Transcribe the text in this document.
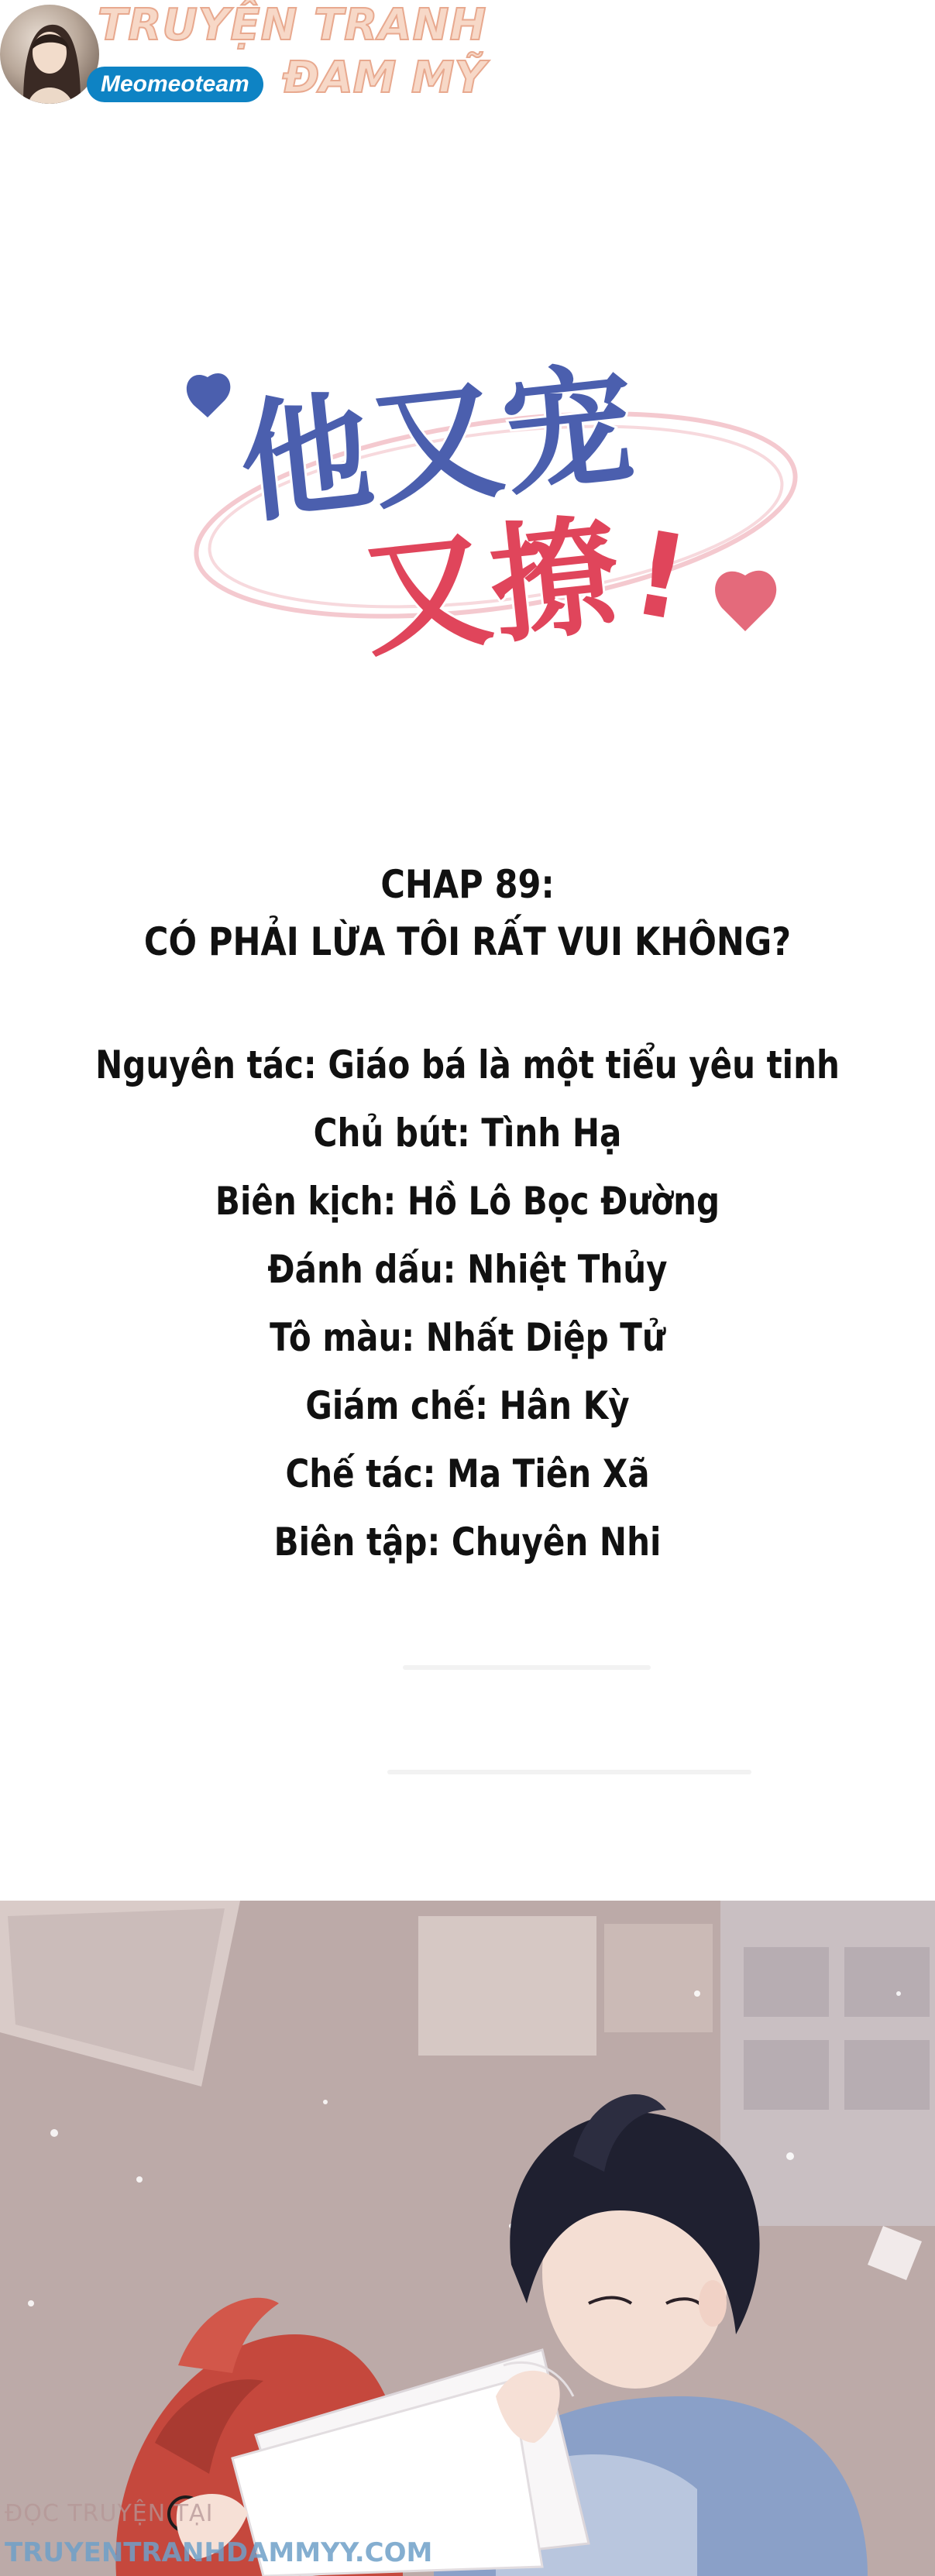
TRUYỆN TRANH
ĐAM MỸ
Meomeoteam
他又宠
又撩
!

CHAP 89:

CÓ PHẢI LỪA TÔI RẤT VUI KHÔNG?

Nguyên tác: Giáo bá là một tiểu yêu tinh
Chủ bút: Tình Hạ
Biên kịch: Hồ Lô Bọc Đường
Đánh dấu: Nhiệt Thủy
Tô màu: Nhất Diệp Tử
Giám chế: Hân Kỳ
Chế tác: Ma Tiên Xã
Biên tập: Chuyên Nhi
ĐỌC TRUYỆN TẠI
TRUYENTRANHDAMMYY.COM
